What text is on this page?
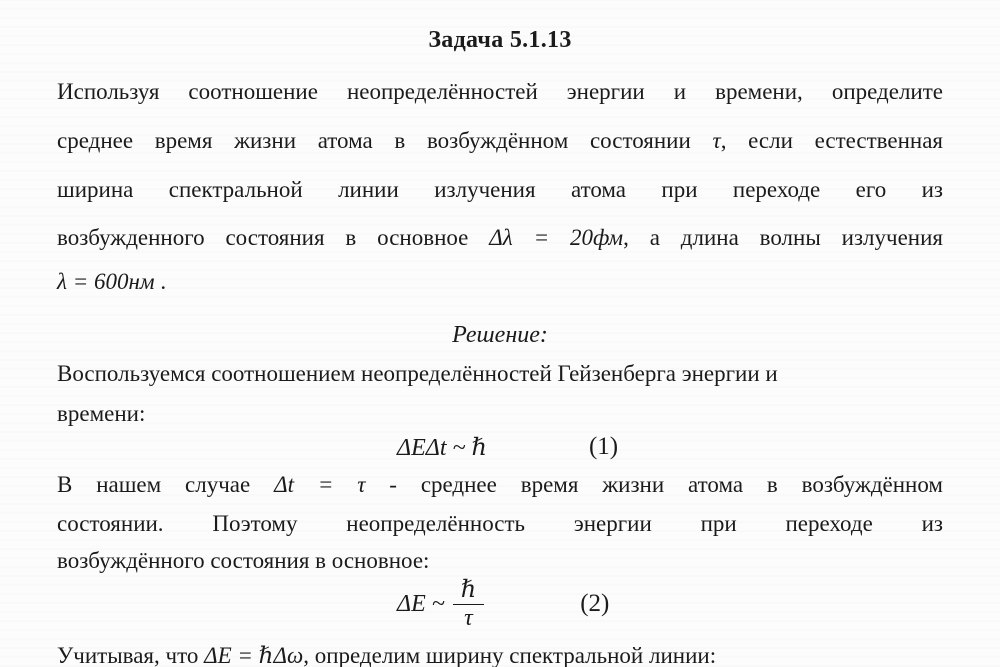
Задача 5.1.13
Используя соотношение неопределённостей энергии и времени, определите
среднее время жизни атома в возбуждённом состоянии τ, если естественная
ширина спектральной линии излучения атома при переходе его из
возбужденного состояния в основное Δλ = 20фм, а длина волны излучения
λ = 600нм .
Решение:
Воспользуемся соотношением неопределённостей Гейзенберга энергии и
времени:
ΔEΔt ~ ℏ	(1)
В нашем случае Δt = τ - среднее время жизни атома в возбуждённом
состоянии. Поэтому неопределённость энергии при переходе из
возбуждённого состояния в основное:
ΔE ~ $\frac{\text{ℏ}}{\tau}$	(2)
Учитывая, что ΔE = ℏΔω, определим ширину спектральной линии:
